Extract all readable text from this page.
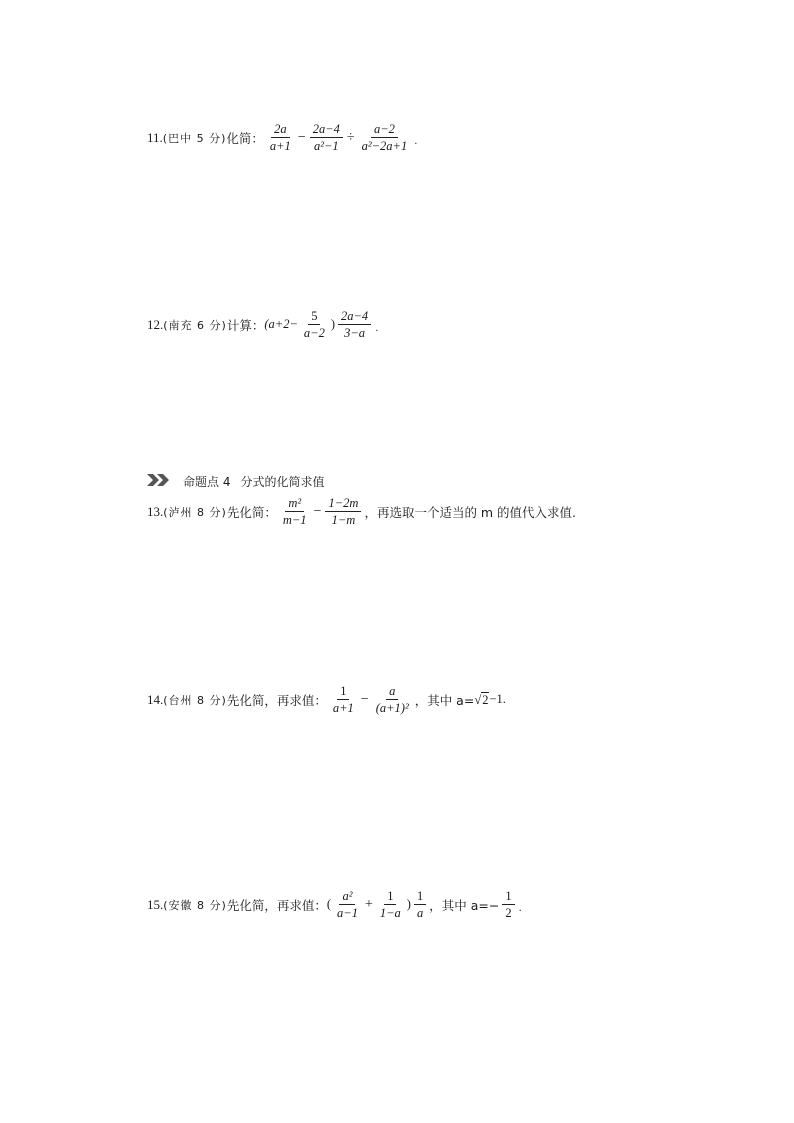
11. (巴中 5 分) 化简： $\frac{2a}{a+1} - \frac{2a-4}{\text{a²−1}} \div \frac{a-2}{\text{a²−2a+1}}$ .
12. (南充 6 分) 计算： ($a+2- \frac{5}{a-2}$ ) $\frac{2a-4}{3-a}$ .
命题点 4 分式的化简求值
13. (泸州 8 分) 先化简： $\frac{\text{m²}}{m-1} - \frac{1-2m}{1-m}$ ，再选取一个适当的 m 的值代入求值.
14. (台州 8 分) 先化简，再求值： $\frac{1}{a+1} - \frac{a}{\text{(a+1)²}}$ ，其中 a= √ 2 −1.
15. (安徽 8 分) 先化简，再求值： ( $\frac{\text{a²}}{a-1} + \frac{1}{1-a}$ ) $\frac{1}{a}$ ，其中 $a=- \frac{1}{2}$ .
